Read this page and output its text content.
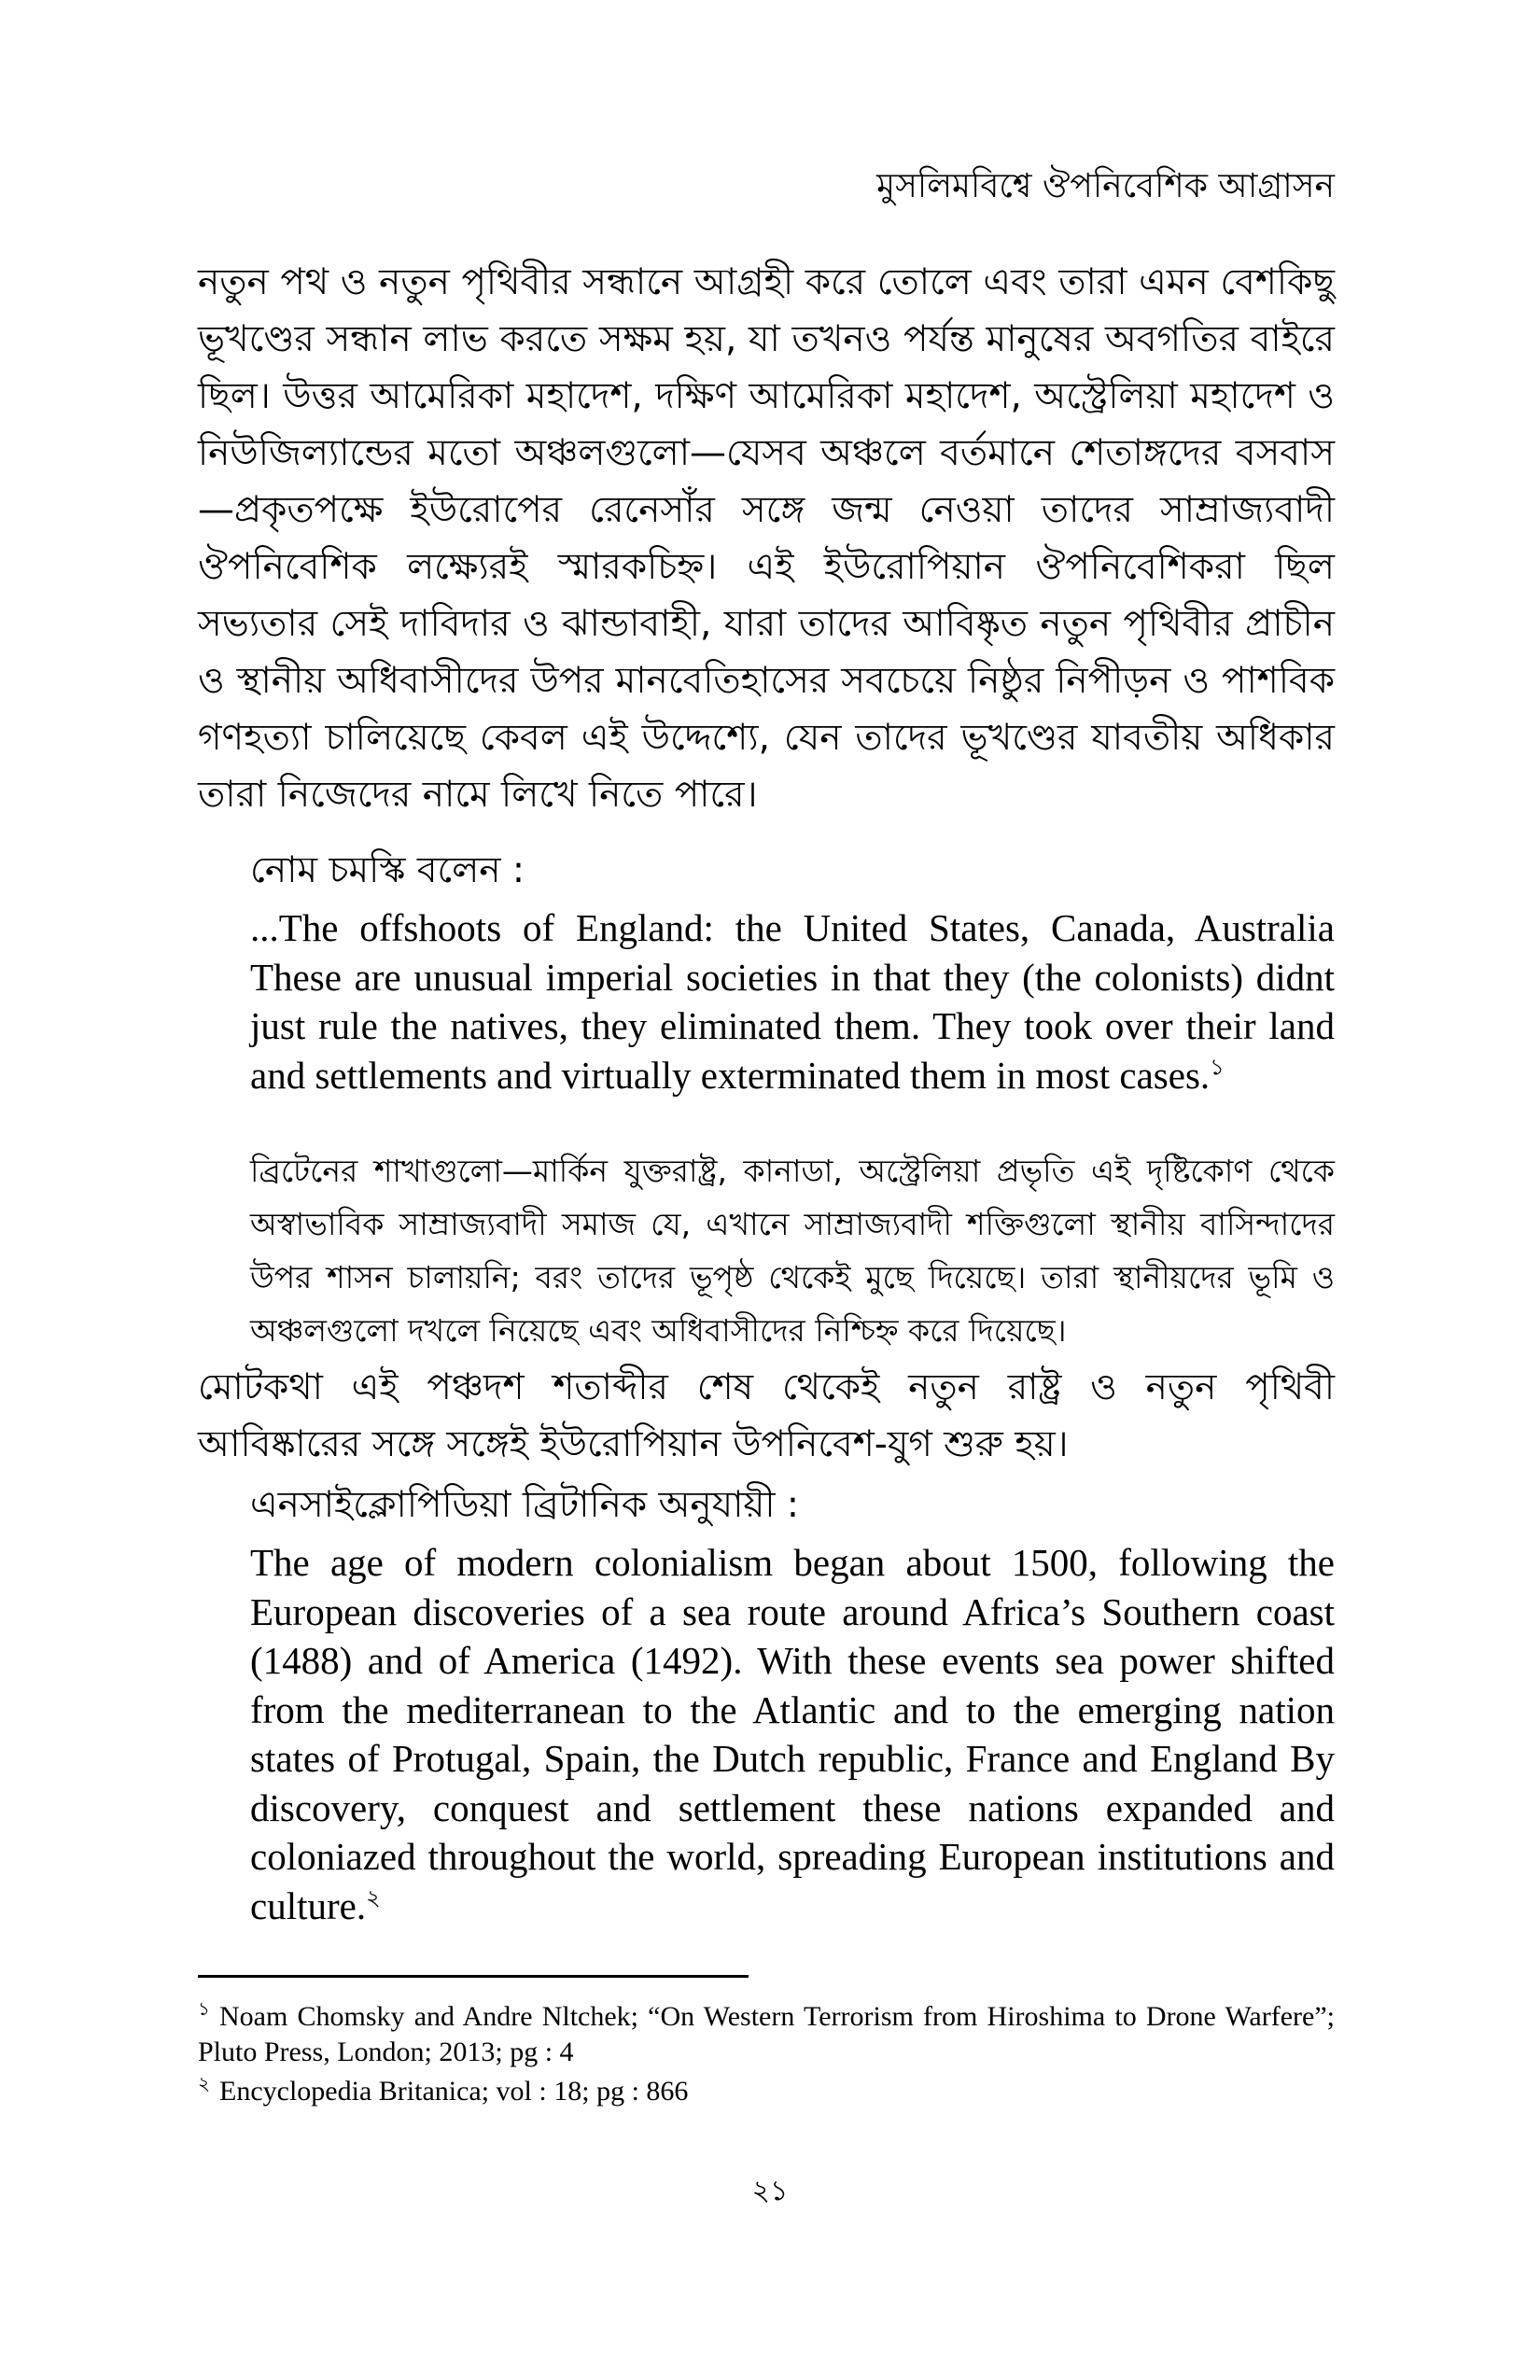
মুসলিমবিশ্বে ঔপনিবেশিক আগ্রাসন

নতুন পথ ও নতুন পৃথিবীর সন্ধানে আগ্রহী করে তোলে এবং তারা এমন বেশকিছু ভূখণ্ডের সন্ধান লাভ করতে সক্ষম হয়, যা তখনও পর্যন্ত মানুষের অবগতির বাইরে ছিল। উত্তর আমেরিকা মহাদেশ, দক্ষিণ আমেরিকা মহাদেশ, অস্ট্রেলিয়া মহাদেশ ও নিউজিল্যান্ডের মতো অঞ্চলগুলো—যেসব অঞ্চলে বর্তমানে শেতাঙ্গদের বসবাস—প্রকৃতপক্ষে ইউরোপের রেনেসাঁর সঙ্গে জন্ম নেওয়া তাদের সাম্রাজ্যবাদী ঔপনিবেশিক লক্ষ্যেরই স্মারকচিহ্ন। এই ইউরোপিয়ান ঔপনিবেশিকরা ছিল সভ্যতার সেই দাবিদার ও ঝান্ডাবাহী, যারা তাদের আবিষ্কৃত নতুন পৃথিবীর প্রাচীন ও স্থানীয় অধিবাসীদের উপর মানবেতিহাসের সবচেয়ে নিষ্ঠুর নিপীড়ন ও পাশবিক গণহত্যা চালিয়েছে কেবল এই উদ্দেশ্যে, যেন তাদের ভূখণ্ডের যাবতীয় অধিকার তারা নিজেদের নামে লিখে নিতে পারে।

নোম চমস্কি বলেন :

...The offshoots of England: the United States, Canada, Australia These are unusual imperial societies in that they (the colonists) didnt just rule the natives, they eliminated them. They took over their land and settlements and virtually exterminated them in most cases.$^১$

ব্রিটেনের শাখাগুলো—মার্কিন যুক্তরাষ্ট্র, কানাডা, অস্ট্রেলিয়া প্রভৃতি এই দৃষ্টিকোণ থেকে অস্বাভাবিক সাম্রাজ্যবাদী সমাজ যে, এখানে সাম্রাজ্যবাদী শক্তিগুলো স্থানীয় বাসিন্দাদের উপর শাসন চালায়নি; বরং তাদের ভূপৃষ্ঠ থেকেই মুছে দিয়েছে। তারা স্থানীয়দের ভূমি ও অঞ্চলগুলো দখলে নিয়েছে এবং অধিবাসীদের নিশ্চিহ্ন করে দিয়েছে।

মোটকথা এই পঞ্চদশ শতাব্দীর শেষ থেকেই নতুন রাষ্ট্র ও নতুন পৃথিবী আবিষ্কারের সঙ্গে সঙ্গেই ইউরোপিয়ান উপনিবেশ-যুগ শুরু হয়।

এনসাইক্লোপিডিয়া ব্রিটানিক অনুযায়ী :

The age of modern colonialism began about 1500, following the European discoveries of a sea route around Africa’s Southern coast (1488) and of America (1492). With these events sea power shifted from the mediterranean to the Atlantic and to the emerging nation states of Protugal, Spain, the Dutch republic, France and England By discovery, conquest and settlement these nations expanded and coloniazed throughout the world, spreading European institutions and culture.$^২$

$^১$ Noam Chomsky and Andre Nltchek; “On Western Terrorism from Hiroshima to Drone Warfere”; Pluto Press, London; 2013; pg : 4

$^২$ Encyclopedia Britanica; vol : 18; pg : 866

২১
